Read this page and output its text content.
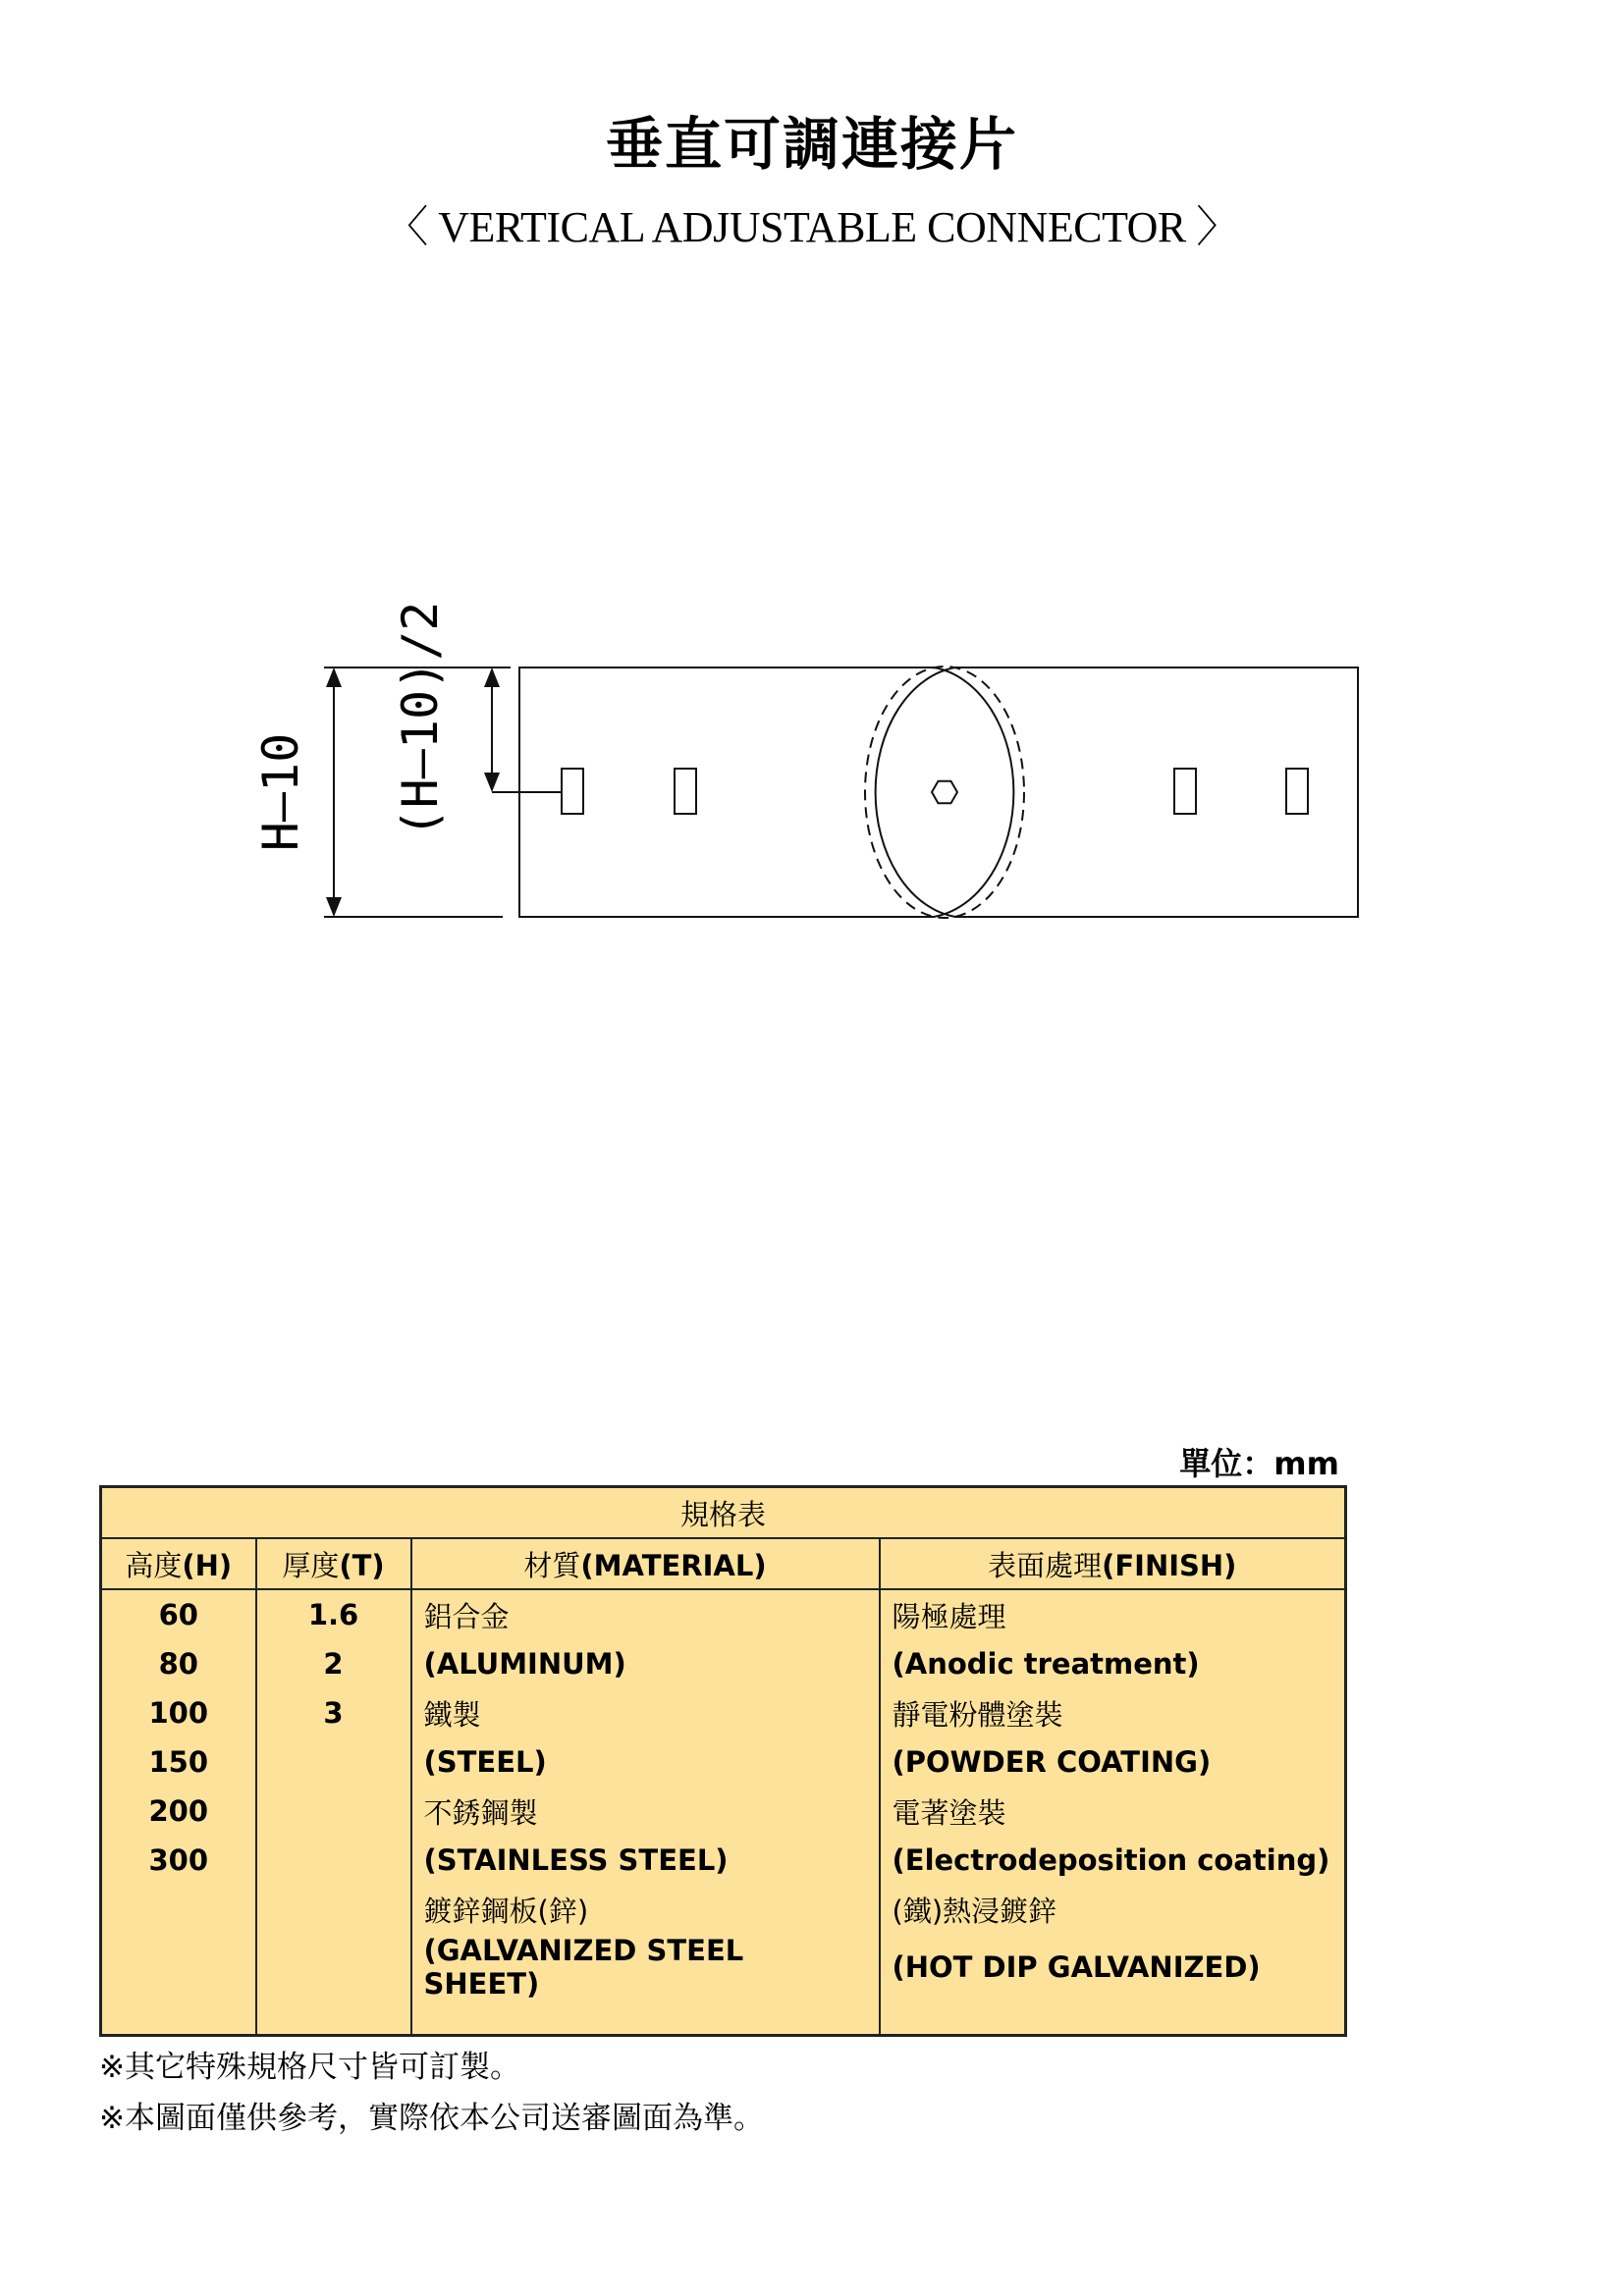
垂直可調連接片
〈 VERTICAL ADJUSTABLE CONNECTOR 〉
H–10 (H–10)/2
單位：mm
規格表			
高度(H)	厚度(T)	材質(MATERIAL)	表面處理(FINISH)
60	1.6	鋁合金	陽極處理
80	2	(ALUMINUM)	(Anodic treatment)
100	3	鐵製	靜電粉體塗裝
150		(STEEL)	(POWDER COATING)
200		不銹鋼製	電著塗裝
300		(STAINLESS STEEL)	(Electrodeposition coating)
		鍍鋅鋼板(鋅)	(鐵)熱浸鍍鋅
		(GALVANIZED STEEL SHEET)	(HOT DIP GALVANIZED)

※其它特殊規格尺寸皆可訂製。
※本圖面僅供參考，實際依本公司送審圖面為準。
